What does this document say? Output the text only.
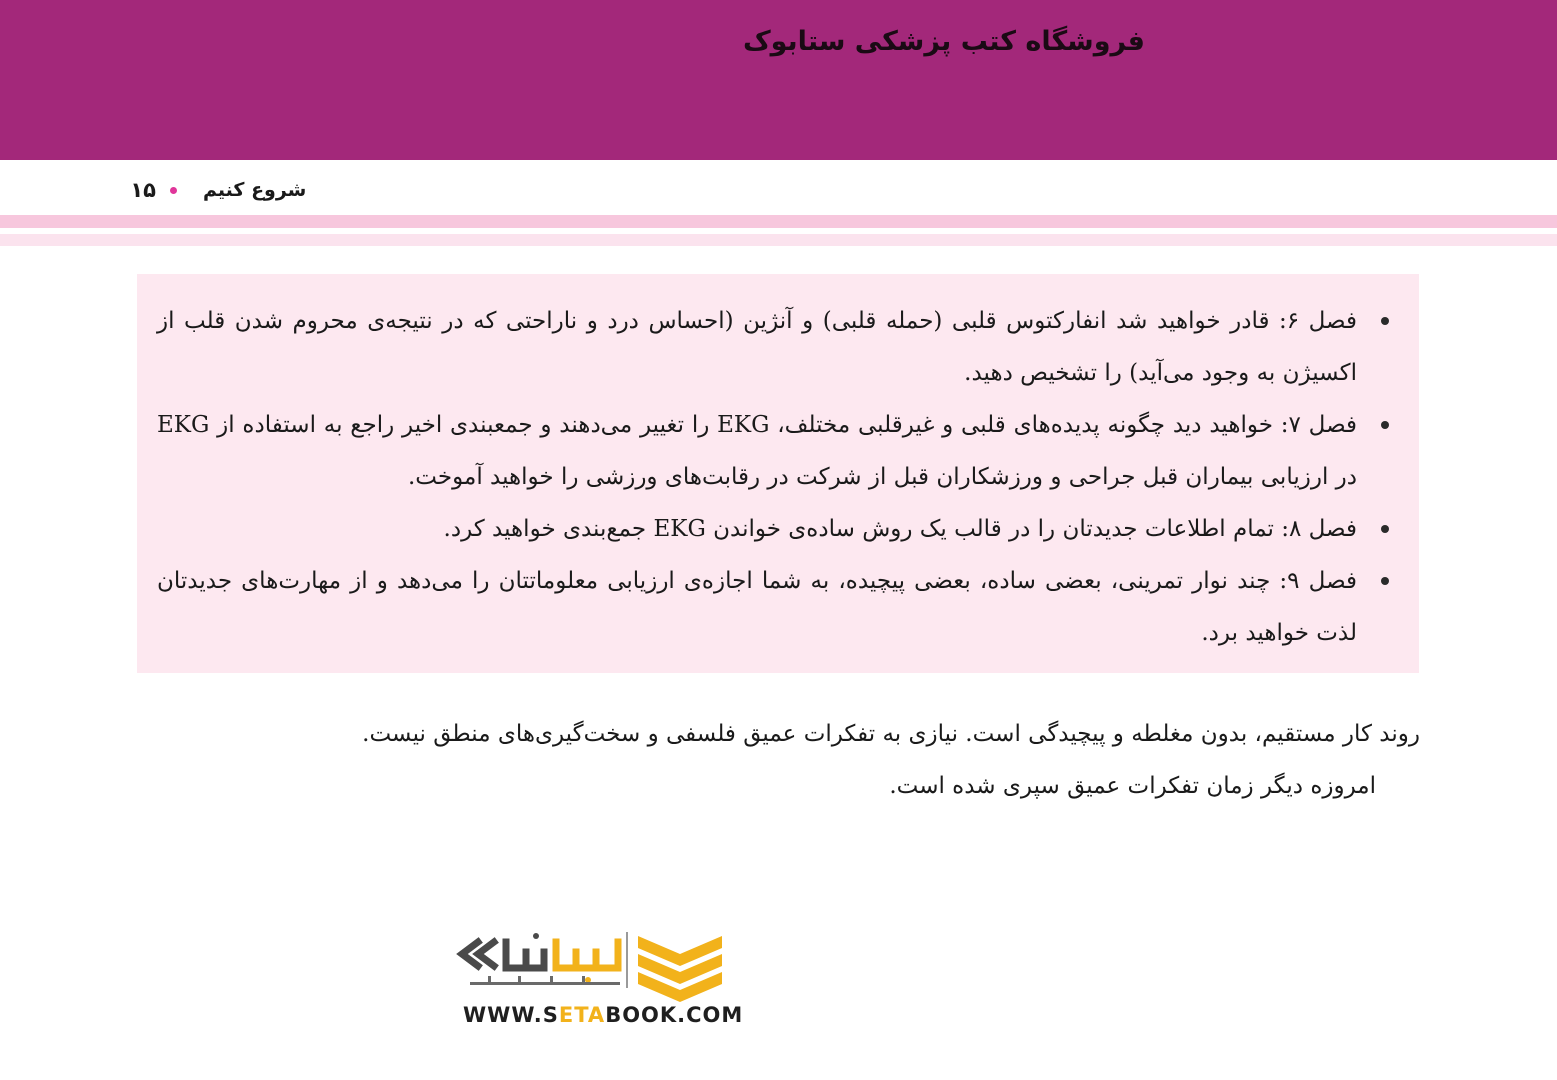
فروشگاه کتب پزشکی ستابوک
۱۵ شروع کنیم
فصل ۶: قادر خواهید شد انفارکتوس قلبی (حمله قلبی) و آنژین (احساس درد و ناراحتی که در نتیجه‌ی محروم شدن قلب از اکسیژن به وجود می‌آید) را تشخیص دهید.
فصل ۷: خواهید دید چگونه پدیده‌های قلبی و غیرقلبی مختلف، EKG را تغییر می‌دهند و جمعبندی اخیر راجع به استفاده از EKG در ارزیابی بیماران قبل جراحی و ورزشکاران قبل از شرکت در رقابت‌های ورزشی را خواهید آموخت.
فصل ۸: تمام اطلاعات جدیدتان را در قالب یک روش ساده‌ی خواندن EKG جمع‌بندی خواهید کرد.
فصل ۹: چند نوار تمرینی، بعضی ساده، بعضی پیچیده، به شما اجازه‌ی ارزیابی معلوماتتان را می‌دهد و از مهارت‌های جدیدتان لذت خواهید برد.

روند کار مستقیم، بدون مغلطه و پیچیدگی است. نیازی به تفکرات عمیق فلسفی و سخت‌گیری‌های منطق نیست.

امروزه دیگر زمان تفکرات عمیق سپری شده است.

WWW.SETABOOK.COM
